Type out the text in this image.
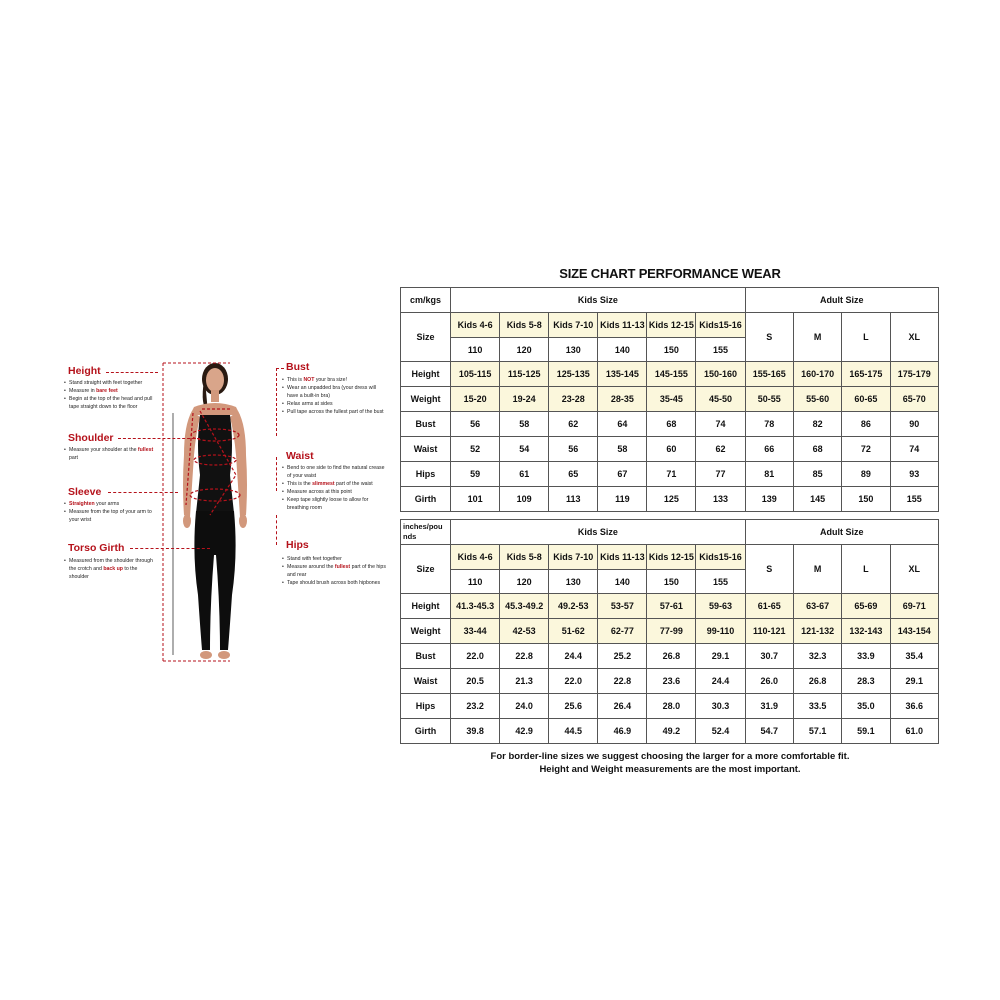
Height
• Stand straight with feet together
• Measure in bare feet
• Begin at the top of the head and pull tape straight down to the floor
Shoulder
• Measure your shoulder at the fullest part
Sleeve
• Straighten your arms
• Measure from the top of your arm to your wrist
Torso Girth
• Measured from the shoulder through the crotch and back up to the shoulder
Bust
• This is NOT your bra size!
• Wear an unpadded bra (your dress will have a built-in bra)
• Relax arms at sides
• Pull tape across the fullest part of the bust
Waist
• Bend to one side to find the natural crease of your waist
• This is the slimmest part of the waist
• Measure across at this point
• Keep tape slightly loose to allow for breathing room
Hips
• Stand with feet together
• Measure around the fullest part of the hips and rear
• Tape should brush across both hipbones
SIZE CHART PERFORMANCE WEAR
cm/kgs	Kids Size						Adult Size			
Size	Kids 4-6	Kids 5-8	Kids 7-10	Kids 11-13	Kids 12-15	Kids15-16	S	M	L	XL
	110	120	130	140	150	155				
Height	105-115	115-125	125-135	135-145	145-155	150-160	155-165	160-170	165-175	175-179
Weight	15-20	19-24	23-28	28-35	35-45	45-50	50-55	55-60	60-65	65-70
Bust	56	58	62	64	68	74	78	82	86	90
Waist	52	54	56	58	60	62	66	68	72	74
Hips	59	61	65	67	71	77	81	85	89	93
Girth	101	109	113	119	125	133	139	145	150	155
inches/pou
nds	Kids Size						Adult Size			
Size	Kids 4-6	Kids 5-8	Kids 7-10	Kids 11-13	Kids 12-15	Kids15-16	S	M	L	XL
	110	120	130	140	150	155				
Height	41.3-45.3	45.3-49.2	49.2-53	53-57	57-61	59-63	61-65	63-67	65-69	69-71
Weight	33-44	42-53	51-62	62-77	77-99	99-110	110-121	121-132	132-143	143-154
Bust	22.0	22.8	24.4	25.2	26.8	29.1	30.7	32.3	33.9	35.4
Waist	20.5	21.3	22.0	22.8	23.6	24.4	26.0	26.8	28.3	29.1
Hips	23.2	24.0	25.6	26.4	28.0	30.3	31.9	33.5	35.0	36.6
Girth	39.8	42.9	44.5	46.9	49.2	52.4	54.7	57.1	59.1	61.0
For border-line sizes we suggest choosing the larger for a more comfortable fit.
Height and Weight measurements are the most important.
